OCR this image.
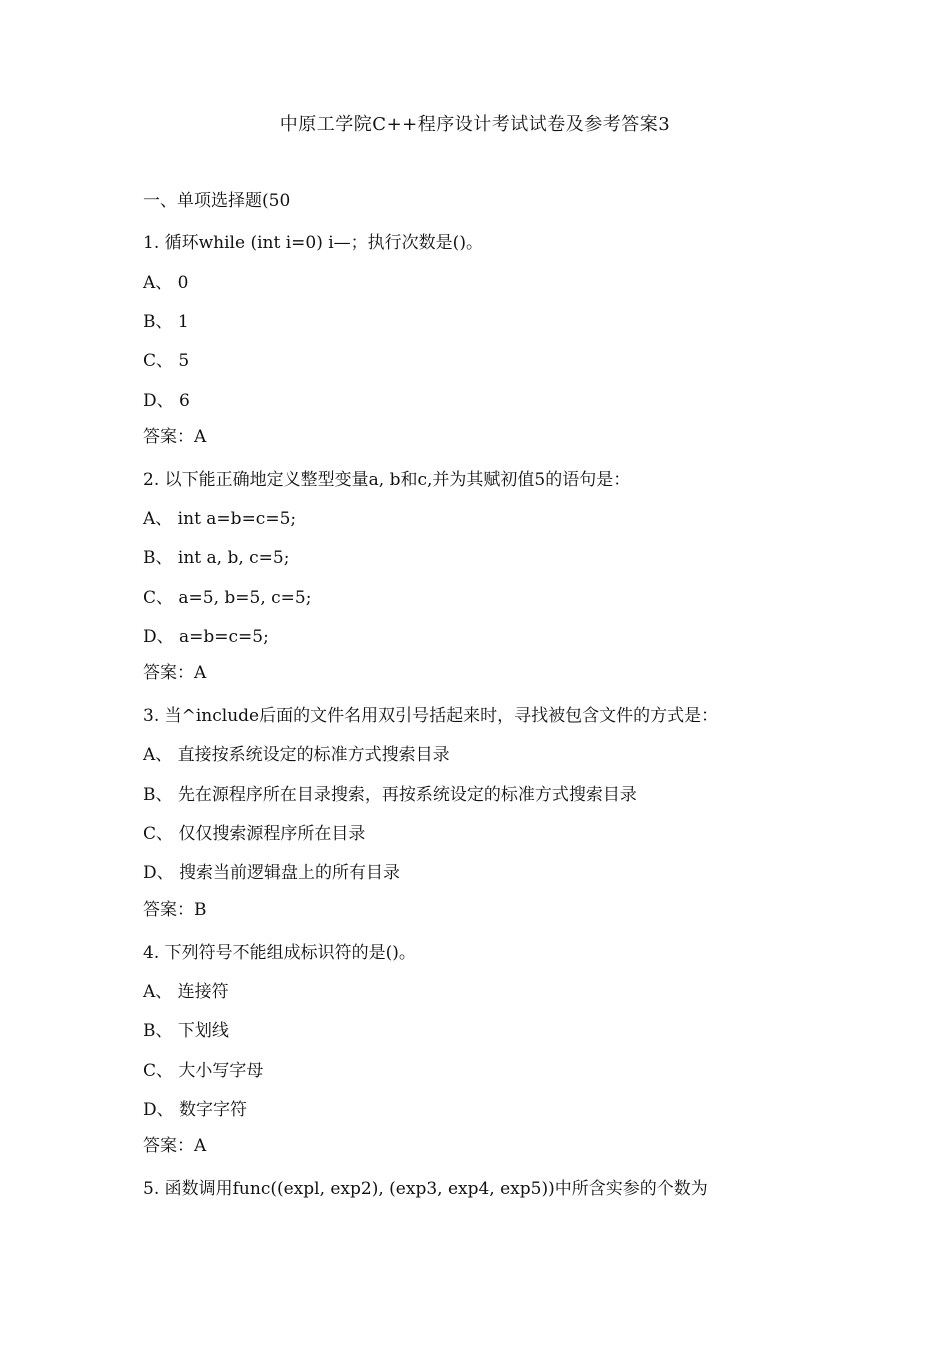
中原工学院C++程序设计考试试卷及参考答案3
一、单项选择题(50
1. 循环while (int i=0) i—；执行次数是()。
A、 0
B、 1
C、 5
D、 6
答案：A
2. 以下能正确地定义整型变量a, b和c,并为其赋初值5的语句是：
A、 int a=b=c=5;
B、 int a, b, c=5;
C、 a=5, b=5, c=5;
D、 a=b=c=5;
答案：A
3. 当^include后面的文件名用双引号括起来时，寻找被包含文件的方式是：
A、 直接按系统设定的标准方式搜索目录
B、 先在源程序所在目录搜索，再按系统设定的标准方式搜索目录
C、 仅仅搜索源程序所在目录
D、 搜索当前逻辑盘上的所有目录
答案：B
4. 下列符号不能组成标识符的是()。
A、 连接符
B、 下划线
C、 大小写字母
D、 数字字符
答案：A
5. 函数调用func((expl, exp2), (exp3, exp4, exp5))中所含实参的个数为
